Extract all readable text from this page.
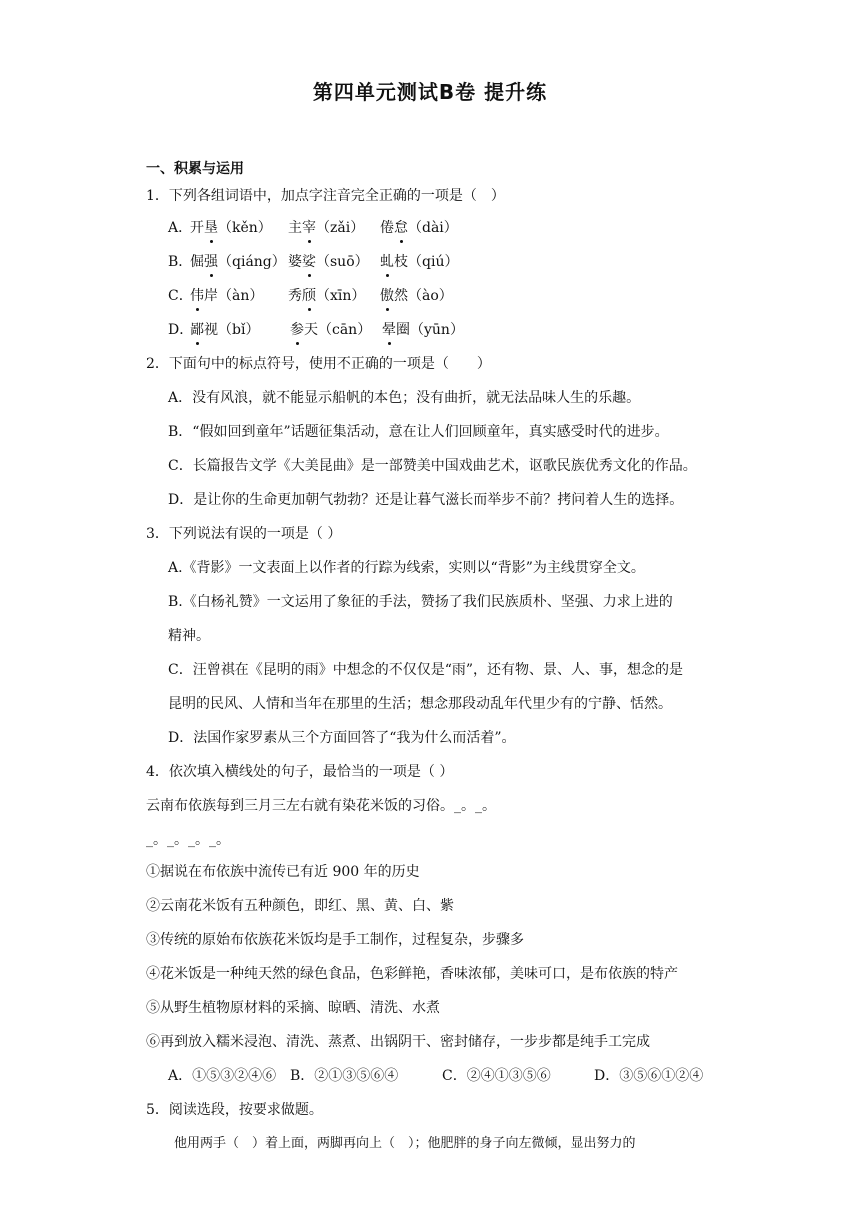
第四单元测试B卷 提升练
一、积累与运用
1．下列各组词语中，加点字注音完全正确的一项是（　）
A．
开垦（kěn） 主宰（zǎi） 倦怠（dài）
B．
倔强（qiáng） 婆娑（suō） 虬枝（qiú）
C．
伟岸（àn） 秀颀（xīn） 傲然（ào）
D．
鄙视（bǐ） 参天（cān） 晕圈（yūn）
2．下面句中的标点符号，使用不正确的一项是（　　）
A．没有风浪，就不能显示船帆的本色；没有曲折，就无法品味人生的乐趣。
B．“假如回到童年”话题征集活动，意在让人们回顾童年，真实感受时代的进步。
C．长篇报告文学《大美昆曲》是一部赞美中国戏曲艺术，讴歌民族优秀文化的作品。
D．是让你的生命更加朝气勃勃？还是让暮气滋长而举步不前？拷问着人生的选择。
3．下列说法有误的一项是（ ）
A.《背影》一文表面上以作者的行踪为线索，实则以“背影”为主线贯穿全文。
B.《白杨礼赞》一文运用了象征的手法，赞扬了我们民族质朴、坚强、力求上进的
精神。
C．汪曾祺在《昆明的雨》中想念的不仅仅是“雨”，还有物、景、人、事，想念的是
昆明的民风、人情和当年在那里的生活；想念那段动乱年代里少有的宁静、恬然。
D．法国作家罗素从三个方面回答了“我为什么而活着”。
4．依次填入横线处的句子，最恰当的一项是（ ）
云南布依族每到三月三左右就有染花米饭的习俗。_。_。
_。_。_。_。
①据说在布依族中流传已有近 900 年的历史
②云南花米饭有五种颜色，即红、黑、黄、白、紫
③传统的原始布依族花米饭均是手工制作，过程复杂，步骤多
④花米饭是一种纯天然的绿色食品，色彩鲜艳，香味浓郁，美味可口，是布依族的特产
⑤从野生植物原材料的采摘、晾晒、清洗、水煮
⑥再到放入糯米浸泡、清洗、蒸煮、出锅阴干、密封储存，一步步都是纯手工完成
A．①⑤③②④⑥ B．②①③⑤⑥④	C．②④①③⑤⑥	D．③⑤⑥①②④
5．阅读选段，按要求做题。
他用两手（　）着上面，两脚再向上（　）；他肥胖的身子向左微倾，显出努力的
